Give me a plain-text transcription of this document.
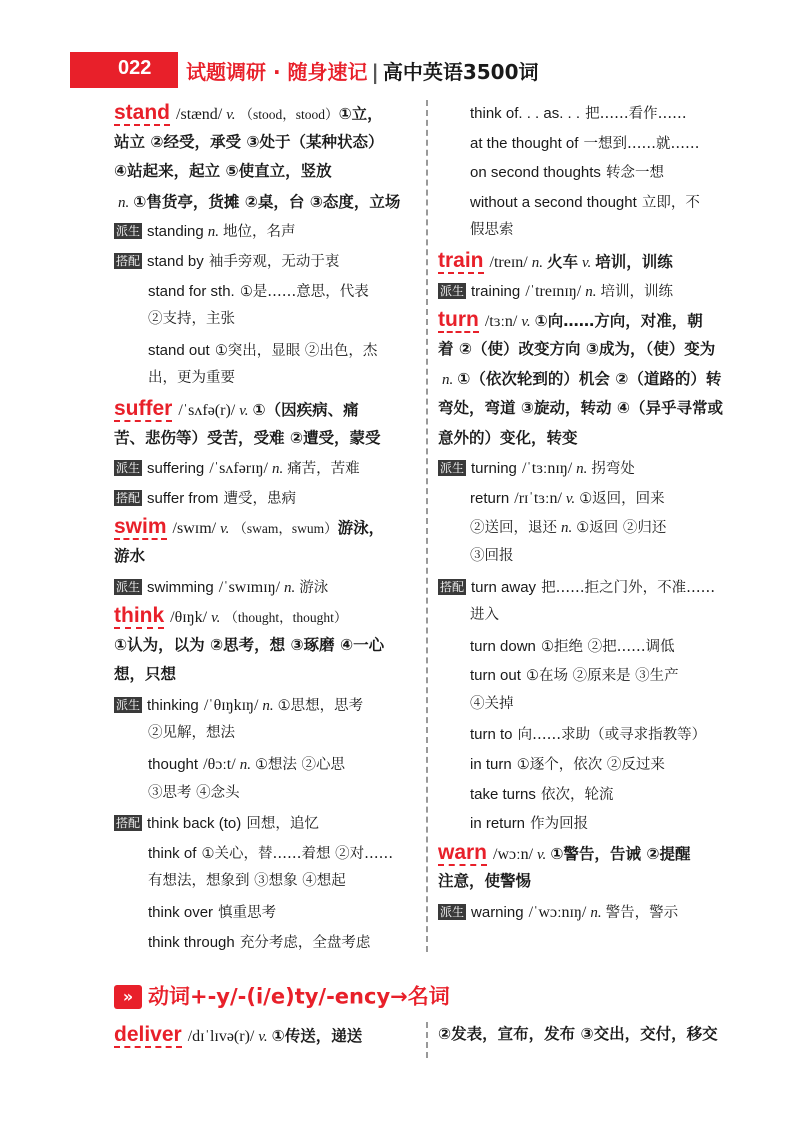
022 试题调研 · 随身速记 | 高中英语3500词
stand /stænd/ v. （stood，stood）①立，
站立 ②经受，承受 ③处于（某种状态）
④站起来，起立 ⑤使直立，竖放
n. ①售货亭，货摊 ②桌，台 ③态度，立场
派生 standing n. 地位，名声
搭配 stand by 袖手旁观，无动于衷
stand for sth. ①是……意思，代表
②支持，主张
stand out ①突出，显眼 ②出色，杰
出，更为重要
suffer /ˈsʌfə(r)/ v. ①（因疾病、痛
苦、悲伤等）受苦，受难 ②遭受，蒙受
派生 suffering /ˈsʌfərɪŋ/ n. 痛苦，苦难
搭配 suffer from 遭受，患病
swim /swɪm/ v. （swam，swum）游泳，
游水
派生 swimming /ˈswɪmɪŋ/ n. 游泳
think /θɪŋk/ v. （thought，thought）
①认为，以为 ②思考，想 ③琢磨 ④一心
想，只想
派生 thinking /ˈθɪŋkɪŋ/ n. ①思想，思考
②见解，想法
thought /θɔːt/ n. ①想法 ②心思
③思考 ④念头
搭配 think back (to) 回想，追忆
think of ①关心，替……着想 ②对……
有想法，想象到 ③想象 ④想起
think over 慎重思考
think through 充分考虑，全盘考虑
think of. . . as. . . 把……看作……
at the thought of 一想到……就……
on second thoughts 转念一想
without a second thought 立即，不
假思索
train /treɪn/ n. 火车 v. 培训，训练
派生 training /ˈtreɪnɪŋ/ n. 培训，训练
turn /tɜːn/ v. ①向……方向，对准，朝
着 ②（使）改变方向 ③成为，（使）变为
n. ①（依次轮到的）机会 ②（道路的）转
弯处，弯道 ③旋动，转动 ④（异乎寻常或
意外的）变化，转变
派生 turning /ˈtɜːnɪŋ/ n. 拐弯处
return /rɪˈtɜːn/ v. ①返回，回来
②送回，退还 n. ①返回 ②归还
③回报
搭配 turn away 把……拒之门外，不准……
进入
turn down ①拒绝 ②把……调低
turn out ①在场 ②原来是 ③生产
④关掉
turn to 向……求助（或寻求指教等）
in turn ①逐个，依次 ②反过来
take turns 依次，轮流
in return 作为回报
warn /wɔːn/ v. ①警告，告诫 ②提醒
注意，使警惕
派生 warning /ˈwɔːnɪŋ/ n. 警告，警示
» 动词+-y/-(i/e)ty/-ency→名词
deliver /dɪˈlɪvə(r)/ v. ①传送，递送	②发表，宣布，发布 ③交出，交付，移交
